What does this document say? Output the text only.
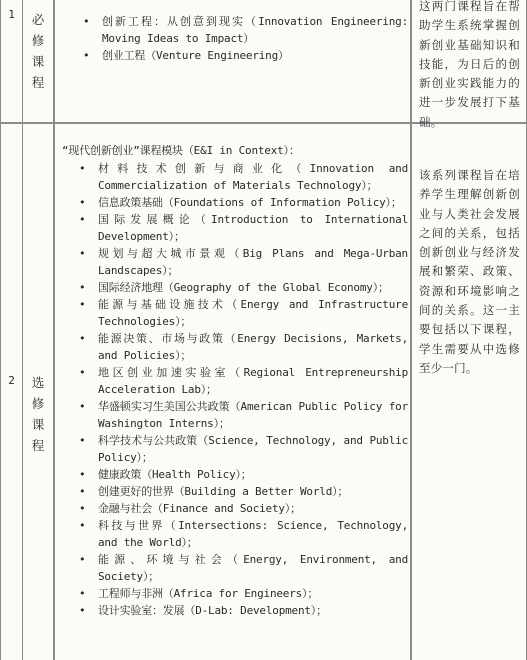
1	必
修
课
程
• 创新工程：从创意到现实（Innovation Engineering: Moving Ideas to Impact）
• 创业工程（Venture Engineering）
这两门课程旨在帮助学生系统掌握创新创业基础知识和技能，为日后的创新创业实践能力的进一步发展打下基础。
2	选
修
课
程
“现代创新创业”课程模块（E&I in Context）：
• 材料技术创新与商业化（Innovation and Commercialization of Materials Technology）；
• 信息政策基础（Foundations of Information Policy）；
• 国际发展概论（Introduction to International Development）；
• 规划与超大城市景观（Big Plans and Mega-Urban Landscapes）；
• 国际经济地理（Geography of the Global Economy）；
• 能源与基础设施技术（Energy and Infrastructure Technologies）；
• 能源决策、市场与政策（Energy Decisions, Markets, and Policies）；
• 地区创业加速实验室（Regional Entrepreneurship Acceleration Lab）；
• 华盛顿实习生美国公共政策（American Public Policy for Washington Interns）；
• 科学技术与公共政策（Science, Technology, and Public Policy）；
• 健康政策（Health Policy）；
• 创建更好的世界（Building a Better World）；
• 金融与社会（Finance and Society）；
• 科技与世界（Intersections: Science, Technology, and the World）；
• 能源、环境与社会（Energy, Environment, and Society）；
• 工程师与非洲（Africa for Engineers）；
• 设计实验室：发展（D-Lab: Development）；
该系列课程旨在培养学生理解创新创业与人类社会发展之间的关系，包括创新创业与经济发展和繁荣、政策、资源和环境影响之间的关系。这一主要包括以下课程，学生需要从中选修至少一门。
